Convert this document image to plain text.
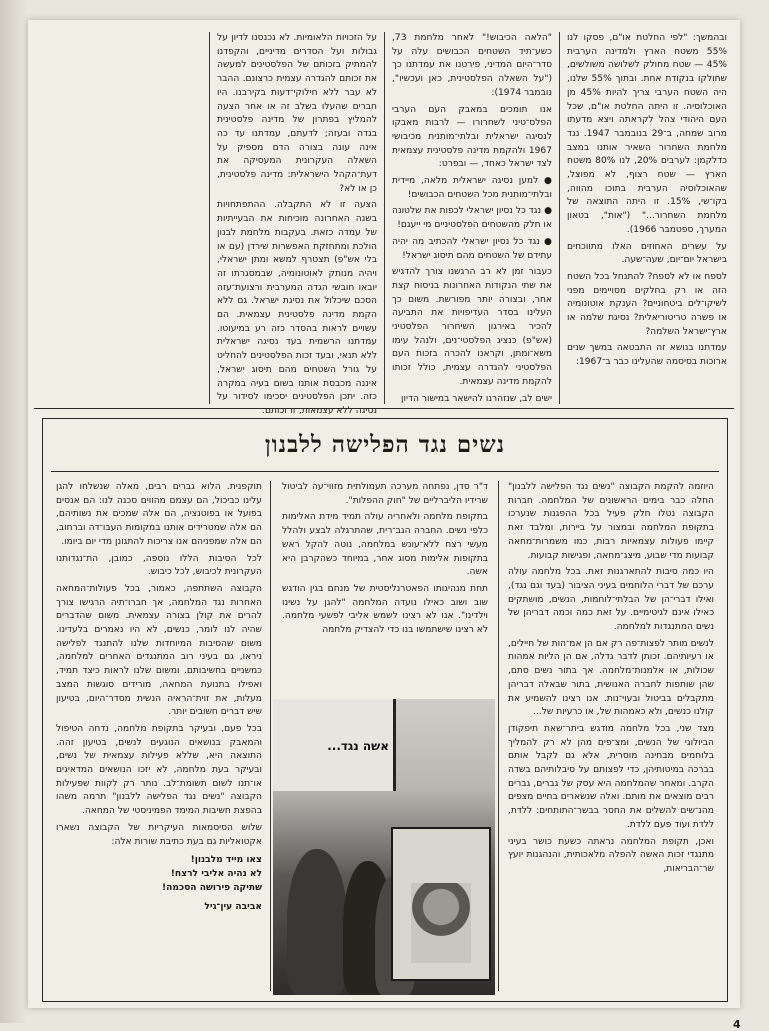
ובהמשך: "לפי החלטת או"ם, פסקו לנו 55% משטח הארץ ולמדינה הערבית 45% — שטח מחולק לשלושה משולשים, שחולקו בנקודת אחת. ובתוך 55% שלנו, היה השטח הערבי צריך להיות 45% מן האוכלוסיה. זו היתה החלטת או"ם, שכל העם היהודי צהל לקראתה ויצא מדעתו מרוב שמחה, ב־29 בנובמבר 1947. נגד מלחמת השחרור השאיר אותנו במצב כדלקמן: לערבים 20%, לנו 80% משטח הארץ — שטח רצוף, לא מפוצל, שהאוכלוסיה הערבית בתוכו מהווה, בקו־שי, 15%. זו היתה התוצאה של מלחמת השחרור..." ("אות", בטאון המערך, ספטמבר 1966).

על עשרים האחוזים האלו מתווכחים בישראל יום־יום, שעה־שעה.

לספח או לא לספח? להתנחל בכל השטח הזה או רק בחלקים מסויימים מפני לשיקו־לים ביטחוניים? הענקת אוטונומיה או פשרה טריטוריאלית? נסיגת שלמה או ארץ־ישראל השלמה?

עמדתנו בנושא זה התבטאה במשך שנים ארוכות בסיסמה שהעלינו כבר ב־1967:

"הלאה הכיבוש!" לאחר מלחמת 73, כשע־תיד השטחים הכבושים עלה על סדר־היום המדיני, פירטנו את עמדתנו כך ("על השאלה הפלסטינית, כאן ועכשיו", נובמבר 1974):

אנו תומכים במאבק העם הערבי הפלס־טיני לשחרורו — לרבות מאבקו לנסיגה ישראלית ובלתי־מותנית מכיבושי 1967 ולהקמת מדינה פלסטינית עצמאית לצד ישראל כאחד, — ובפרט:

● למען נסיגה ישראלית מלאה, מיידית ובלתי־מותנית מכל השטחים הכבושים!

● נגד כל נסיון ישראלי לכפות את שלטונה או חלק מהשטחים הפלסטיניים מי ייעגם!

● נגד כל נסיון ישראלי להכתיב מה יהיה עתידם של השטחים מהם תיסוג ישראל!

כעבור זמן לא רב הרגשנו צורך להדגיש את שתי הנקודות האחרונות בניסוח קצת אחר, ובצורה יותר מפורשת. משום כך העלינו בסדר העדיפויות את התביעה להכיר באירגון השיחרור הפלסטיני (אש"פ) כנציג הפלסטי־נים, ולנהל עימו משא־ומתן, וקראנו להכרה בזכות העם הפלסטיני להגדרה עצמית, כולל זכותו להקמת מדינה עצמאית.

ישים לב, שנזהרנו להישאר במישור הדיון

על הזכויות הלאומיות. לא נכנסנו לדיון על גבולות ועל הסדרים מדיניים, והקפדנו להמתיק בזכותם של הפלסטינים למעשה את זכותם להגדרה עצמית כרצונם. ההבר לא עבר ללא חילוקי־דעות בקירבנו. היו חברים שהעלו בשלב זה או אחר הצעה להמליץ בפתרון של מדינה פלסטינית בגדה ובעזה; לדעתם, עמדתנו עד כה אינה עונה בצורה הדם מספיק על השאלה העקרונית המעסיקה את דעת־הקהל הישראלית: מדינה פלסטינית, כן או לא?

הצעה זו לא התקבלה. ההתפתחויות בשנה האחרונה מוכיחות את הבעייתיות של עמדה כזאת. בעקבות מלחמת לבנון הולכת ומתחזקת האפשרות שירדן (עם או בלי אש"פ) תצטרף למשא ומתן ישראלי, ויהיה מנותק לאוטונומיה, שבמסגרתו זה יובאו חובשי הגדה המערבית ורצועת־עזה הסכם שיכלול את נסיגת ישראל. גם ללא הקמת מדינה פלסטינית עצמאית. הם עשויים לראות בהסדר כזה רע במיעוטו. עמדתנו הרשמית בעד נסיגה ישראלית ללא תנאי, ובעד זכות הפלסטינים להחליט על גורל השטחים מהם תיסוג ישראל, איננה מכבסת אותנו בשום בעיה במקרה כזה. יתכן הפלסטינים יסכימו לסידור על נסיגה ללא עצמאות, זו זכותם.

נשים נגד הפלישה ללבנון

היוזמה להקמת הקבוצה "נשים נגד הפלישה ללבנון" החלה כבר בימים הראשונים של המלחמה. חברות הקבוצה נטלו חלק פעיל בכל ההפגנות שנערכו בתקופת המלחמה ובמצור על ביירות, ומלבד זאת קיימו פעולות עצמאיות רבות, כמו משמרות־מחאה קבועות מדי שבוע, מיצג־מחאה, ופגישות קבועות.

היו כמה סיבות להתארגנות זאת. בכל מלחמה עולה ערכם של דברי הלוחמים בעיני הציבור (בעד וגם נגד), ואילו דברי־הן של הבלתי־לוחמות, הנשים, מושתקים כאילו אינם לגיטימיים. על זאת כמה וכמה דבריהן של נשים המתנגדות למלחמה.

לנשים מותר לפצות־פה רק אם הן אמ־הות של חיילים, או רעיותיהם. זכותן לדבר גדלה, אם הן הליות אמהות שכולות, או אלמנות־מלחמה. אך בתור נשים סתם, שהן שותפות לחברה האנושית, בתור שבאלה דבריהן מתקבלים בביטול ובעוי־נות. אנו רצינו להשמיע את קולנו כנשים, ולא כאמהות של, או כרעיות של...

מצד שני, בכל מלחמה מודגש ביתר־שאת תיפקודן הביולוגי של הנשים, ומצ־פים מהן לא רק להמליך בלוחמים מבחינה מוסרית, אלא גם לקבל אותם בברכה במיטותיהן, כדי לפצותם על סיבלותיהם בשדה הקרב. ומאחר שהמלחמה היא עסק של גברים, גברים רבים מוצאים את מותם. ואלה שנשארים בחיים מצפים מהנ־שים להשלים את החסר בבשר־התותחים: ללדת, ללדת ועוד פעם ללדת.

ואכן, תקופת המלחמה נראתה כשעת כושר בעיני מתנגדי זכות האשה להפלה מלאכותית, והנהגנות יועץ שר־הבריאות,

ד"ר סדן, נפתחה מערכה תעמולתית מזווי־עה לביטול שרידיו הליברליים של "חוק ההפלות".

בתקופת מלחמה ולאחריה עולה תמיד מידת האלימות כלפי נשים. החברה הגב־רית, שהתרגלה לבצע ולהלל מעשי רצח ללא־עונש במלחמה, נוטה להקל ראש בתקופות אלימות מסוג אחר, במיוחד כשהקרבן היא אשה.

תחת מנהיגותו הפאטרנליסטית של מנחם בגין הודגש שוב ושוב כאילו נועדה המלחמה "להגן על נשינו וילדינו". אנו לא רצינו לשמש אליבי לפשעי מלחמה. לא רצינו שישתמשו בנו כדי להצדיק מלחמה

אשה נגד...

תוקפנית. הלוא גברים רבים, מאלה שנשלחו להגן עלינו כביכול, הם עצמם מהווים סכנה לנו: הם אנסים בפועל או בפוטנציה, הם אלה שמכים את נשותיהם, הם אלה שמטרידים אותנו במקומות העבו־דה וברחוב, הם אלה שמפניהם אנו צריכות להתגונן מדי יום ביומו.

לכל הסיבות הללו נוספה, כמובן, הת־נגדותנו העקרונית לכיבוש, לכל כיבוש.

הקבוצה השתתפה, כאמור, בכל פעולות־המחאה האחרות נגד המלחמה, אך חברו־תיה הרגישו צורך להרים את קולן בצורה עצמאית. משום שהדברים שהיה לנו לומר, כנשים, לא היו נאמרים בלעדינו. משום שהסיבות המיוחדות שלנו להתנגד לפלישה ניראו, גם בעיני רוב המתנגדים האחרים למלחמה, כמשניים בחשיבותם. ומשום שלנו לראות כיצד תמיד, ואפילו בתנועת המחאה, מורידים סוגשות המצב מעלות, את זוית־הראיה הנשית מסדר־היום, בטיעון שיש דברים חשובים יותר.

בכל פעם, ובעיקר בתקופת מלחמה, נדחה הטיפול והמאבק בנושאים הנוגעים לנשים, בטיעון זהה. התוצאה היא, שללא פעילות עצמאית של נשים, ובעיקר בעת מלחמה, לא יזכו הנושאים המדאיגים או־תנו לשום תשומת־לב. נותר רק לקוות שפעילות הקבוצה "נשים נגד הפלישה ללבנון" תרמה משהו בהפצת חשיבות המימד הפמיניסטי של המחאה.

שלוש הסיסמאות העיקריות של הקבוצה נשארו אקטואליות גם בעת כתיבת שורות אלה:

צאו מייד מלבנון!
לא נהיה אליבי לרצח!
שתיקה פירושה הסכמה!
אביבה עין־גיל
4
